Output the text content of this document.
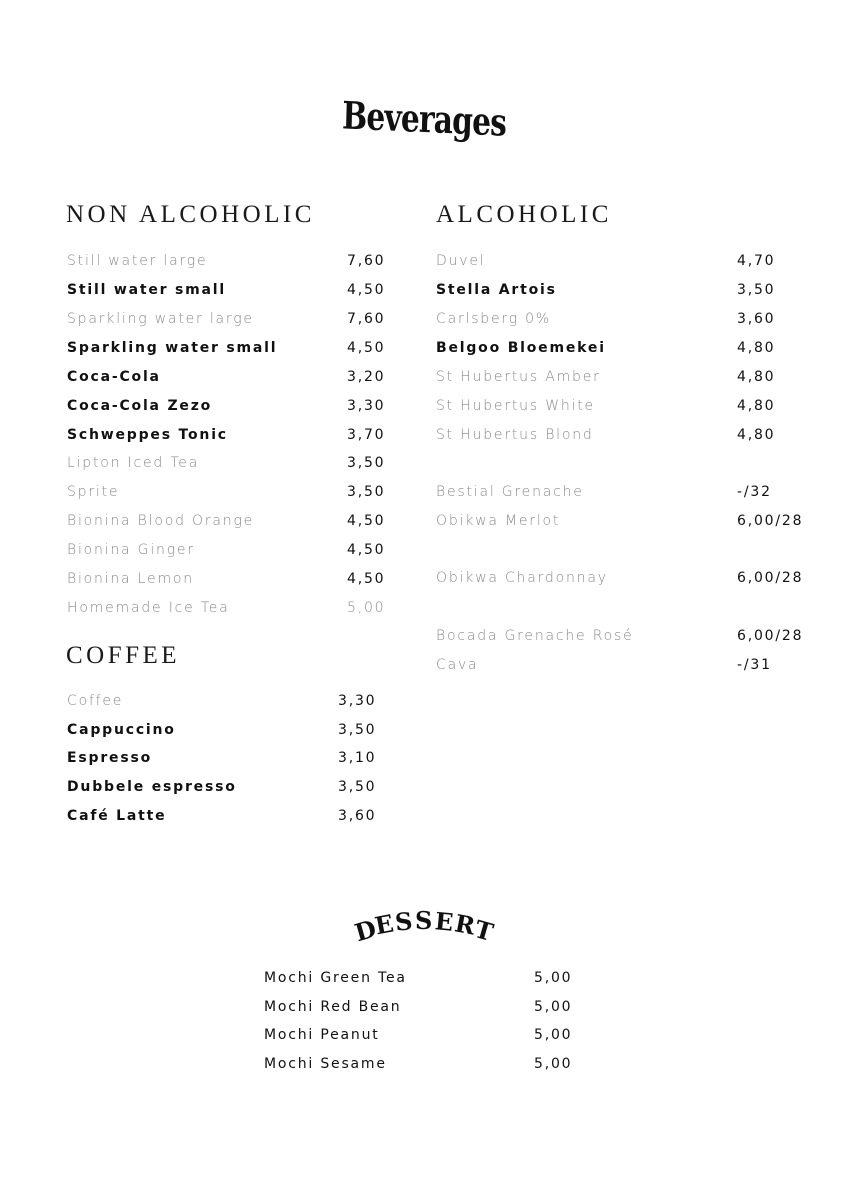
Beverages
NON ALCOHOLIC
Still water large	7,60
Still water small	4,50
Sparkling water large	7,60
Sparkling water small	4,50
Coca-Cola	3,20
Coca-Cola Zezo	3,30
Schweppes Tonic	3,70
Lipton Iced Tea	3,50
Sprite	3,50
Bionina Blood Orange	4,50
Bionina Ginger	4,50
Bionina Lemon	4,50
Homemade Ice Tea	5,00
COFFEE
Coffee	3,30
Cappuccino	3,50
Espresso	3,10
Dubbele espresso	3,50
Café Latte	3,60
ALCOHOLIC
Duvel	4,70
Stella Artois	3,50
Carlsberg 0%	3,60
Belgoo Bloemekei	4,80
St Hubertus Amber	4,80
St Hubertus White	4,80
St Hubertus Blond	4,80
Bestial Grenache	-/32
Obikwa Merlot	6,00/28
Obikwa Chardonnay	6,00/28
Bocada Grenache Rosé	6,00/28
Cava	-/31
D
E
S S E
R
T
Mochi Green Tea	5,00
Mochi Red Bean	5,00
Mochi Peanut	5,00
Mochi Sesame	5,00
